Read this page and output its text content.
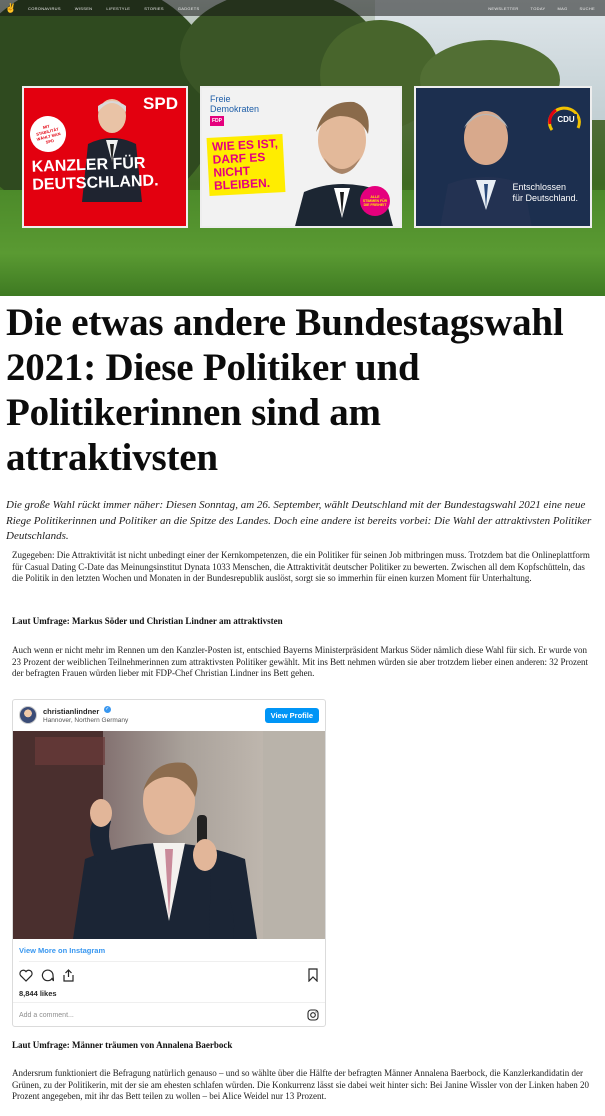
✌	CORONAVIRUS	WISSEN	LIFESTYLE	STORIES	GADGETS	NEWSLETTER	TODAY	MAG	SUCHE
MIT STABILITÄT WÄHLT MAN SPD
SPD
KANZLER FÜR DEUTSCHLAND.
Freie
Demokraten
FDP
WIE ES IST,
DARF ES
NICHT
BLEIBEN.
ALLE STIMMEN FÜR DIE FREIHEIT
CDU
Entschlossen
für Deutschland.
Die etwas andere Bundestagswahl 2021: Diese Politiker und Politikerinnen sind am attraktivsten

Die große Wahl rückt immer näher: Diesen Sonntag, am 26. September, wählt Deutschland mit der Bundestagswahl 2021 eine neue Riege Politikerinnen und Politiker an die Spitze des Landes. Doch eine andere ist bereits vorbei: Die Wahl der attraktivsten Politiker Deutschlands.

Zugegeben: Die Attraktivität ist nicht unbedingt einer der Kernkompetenzen, die ein Politiker für seinen Job mitbringen muss. Trotzdem bat die Onlineplattform für Casual Dating C-Date das Meinungsinstitut Dynata 1033 Menschen, die Attraktivität deutscher Politiker zu bewerten. Zwischen all dem Kopfschütteln, das die Politik in den letzten Wochen und Monaten in der Bundesrepublik auslöst, sorgt sie so immerhin für einen kurzen Moment für Unterhaltung.

Laut Umfrage: Markus Söder und Christian Lindner am attraktivsten

Auch wenn er nicht mehr im Rennen um den Kanzler-Posten ist, entschied Bayerns Ministerpräsident Markus Söder nämlich diese Wahl für sich. Er wurde von 23 Prozent der weiblichen Teilnehmerinnen zum attraktivsten Politiker gewählt. Mit ins Bett nehmen würden sie aber trotzdem lieber einen anderen: 32 Prozent der befragten Frauen würden lieber mit FDP-Chef Christian Lindner ins Bett gehen.

christianlindner ✓
Hannover, Northern Germany
View Profile
View More on Instagram
8,844 likes
Add a comment...
Laut Umfrage: Männer träumen von Annalena Baerbock

Andersrum funktioniert die Befragung natürlich genauso – und so wählte über die Hälfte der befragten Männer Annalena Baerbock, die Kanzlerkandidatin der Grünen, zu der Politikerin, mit der sie am ehesten schlafen würden. Die Konkurrenz lässt sie dabei weit hinter sich: Bei Janine Wissler von der Linken haben 20 Prozent angegeben, mit ihr das Bett teilen zu wollen – bei Alice Weidel nur 13 Prozent.
